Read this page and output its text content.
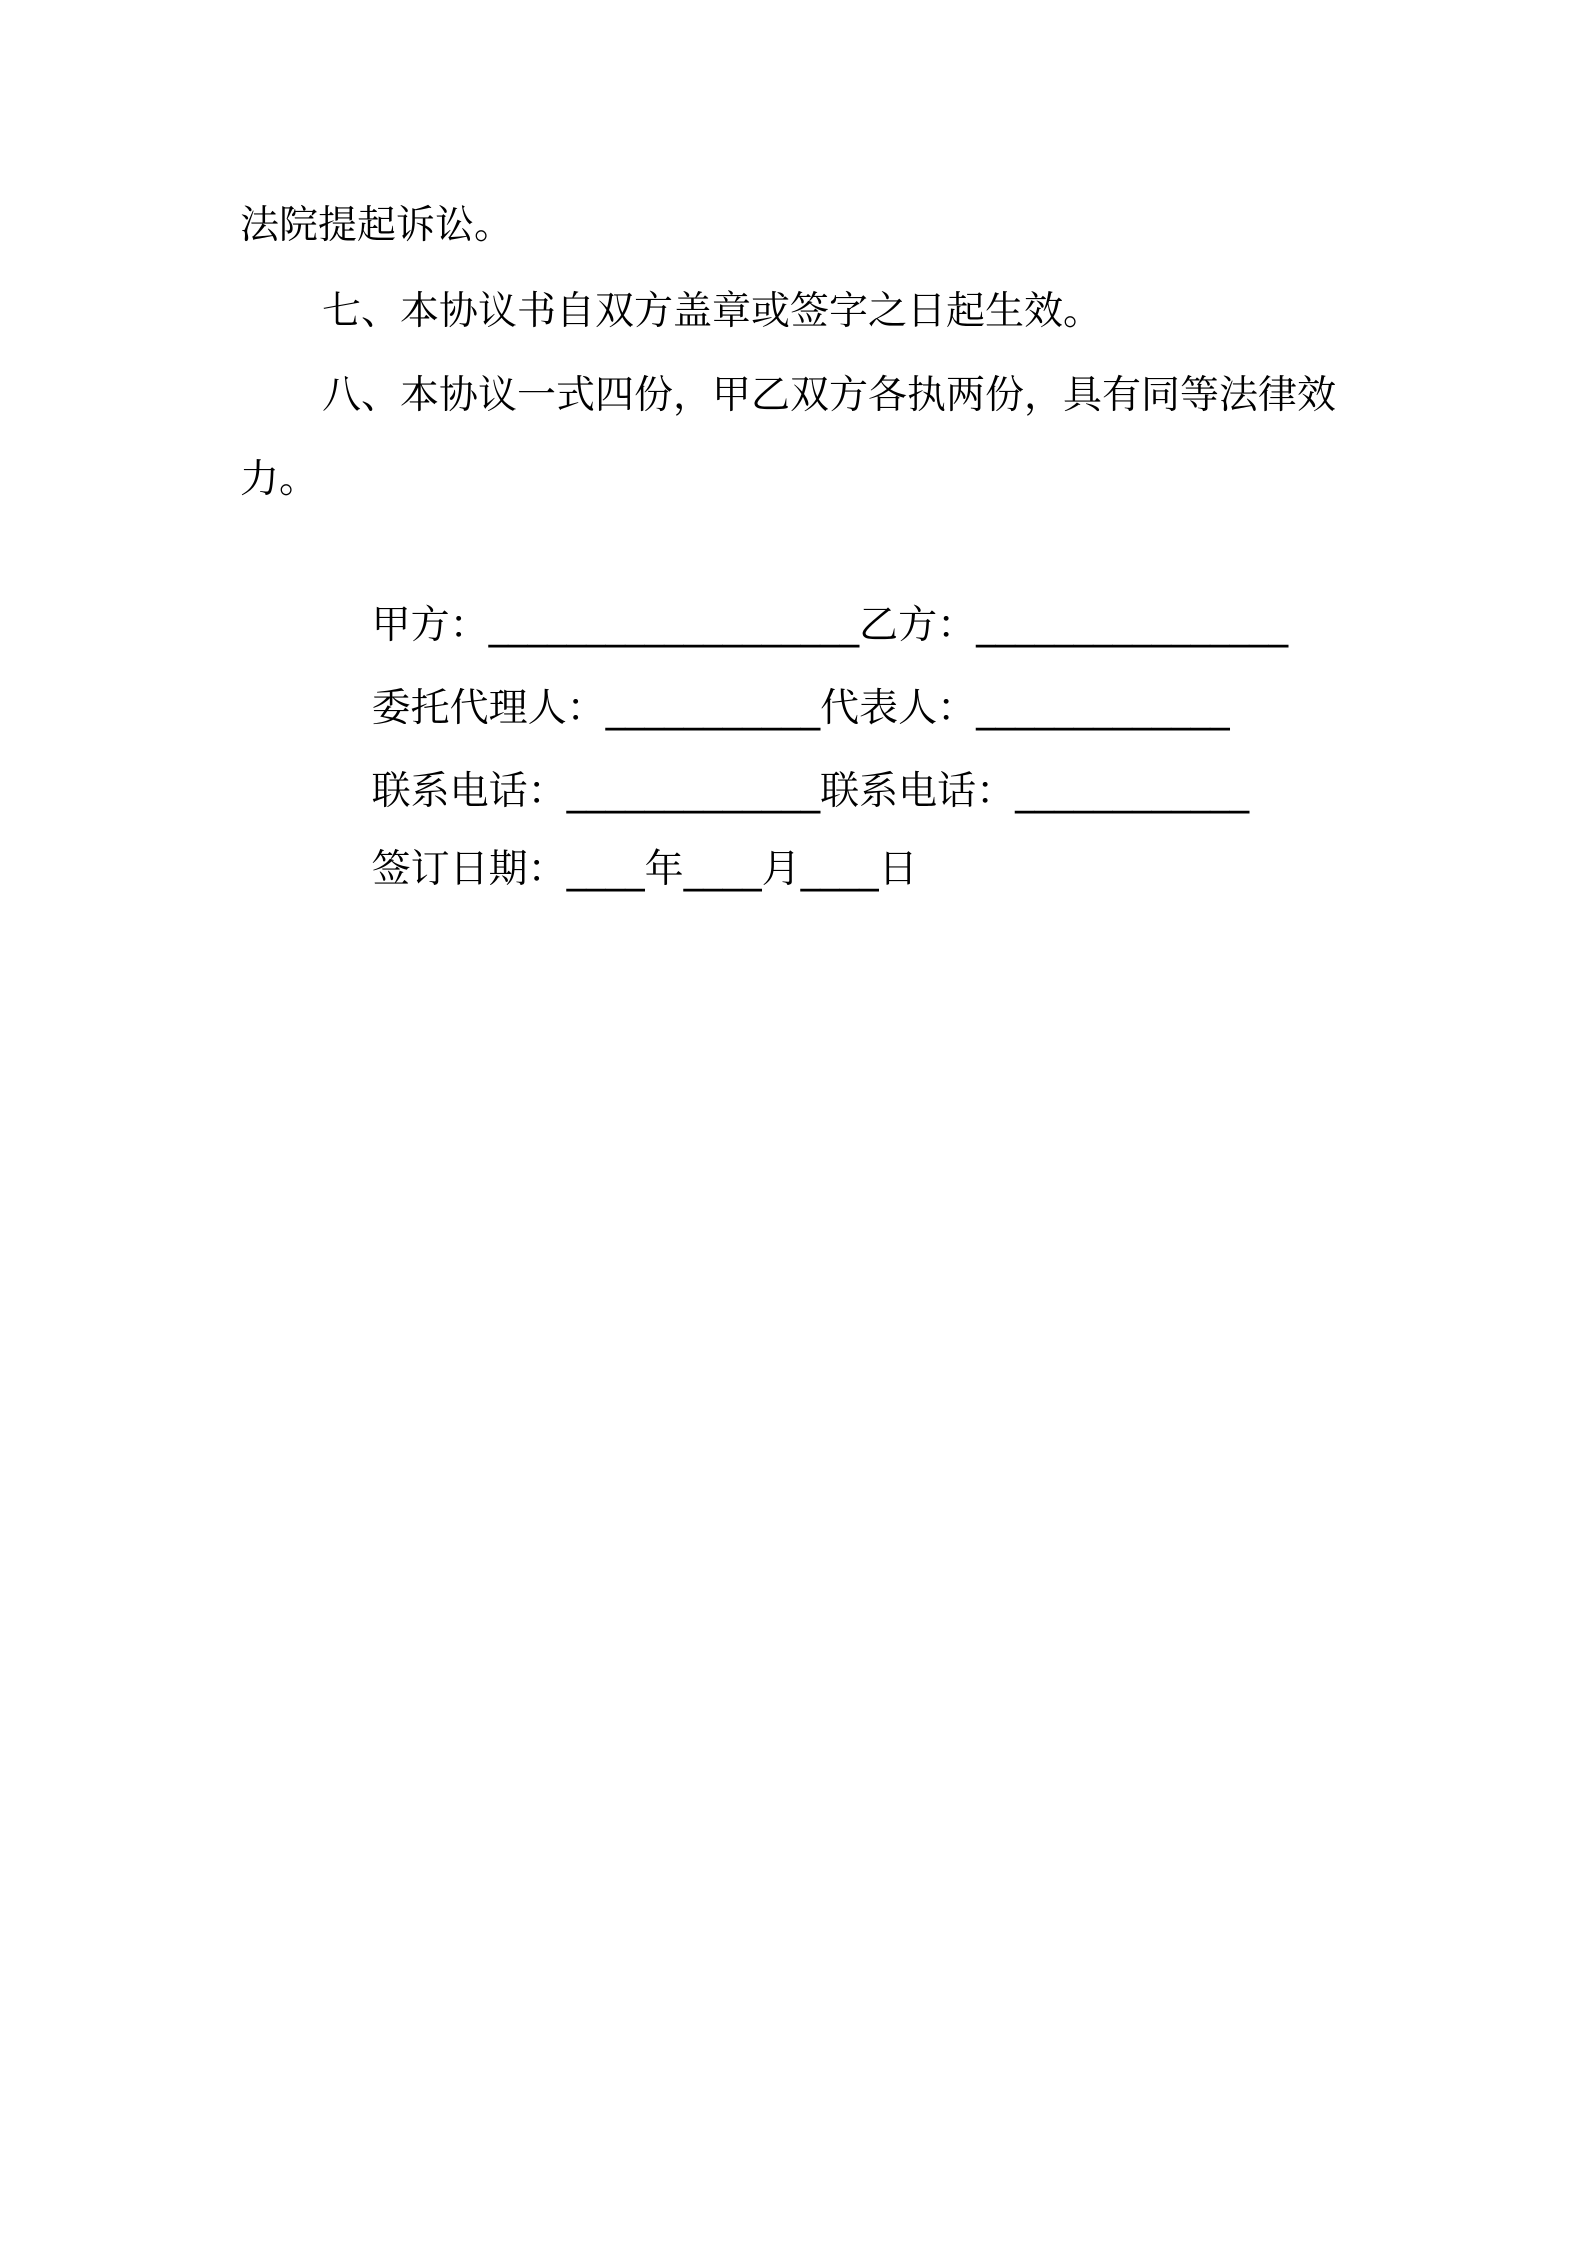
法院提起诉讼。
七、本协议书自双方盖章或签字之日起生效。
八、本协议一式四份，甲乙双方各执两份，具有同等法律效
力。

甲方：___________________乙方：________________

委托代理人：___________代表人：_____________

联系电话：_____________联系电话：____________

签订日期：____年____月____日
